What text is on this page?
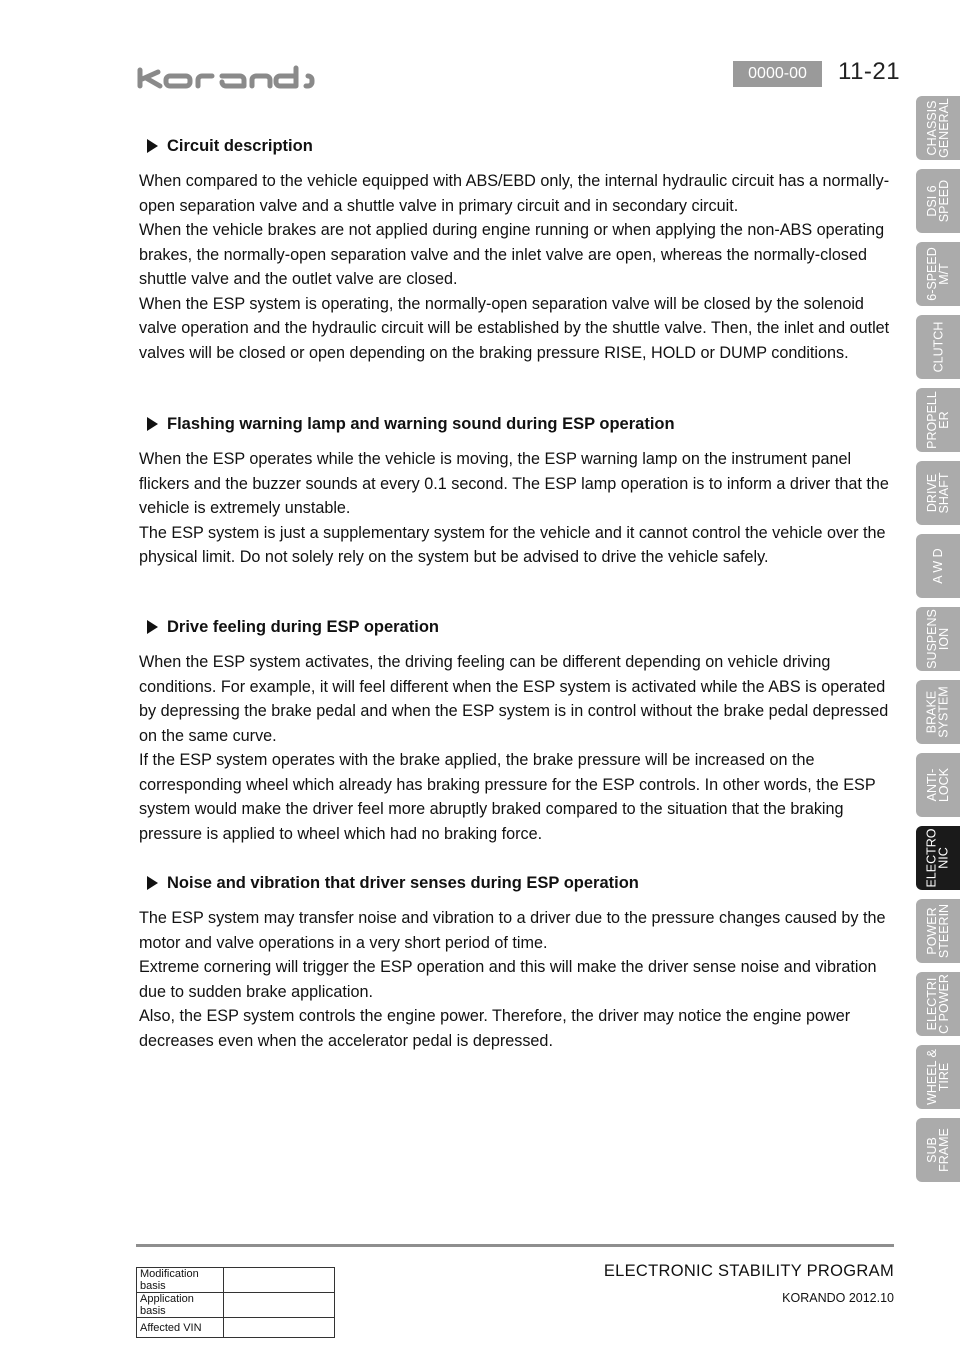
0000-00	11-21
Circuit description

When compared to the vehicle equipped with ABS/EBD only, the internal hydraulic circuit has a normally-open separation valve and a shuttle valve in primary circuit and in secondary circuit.

When the vehicle brakes are not applied during engine running or when applying the non-ABS operating brakes, the normally-open separation valve and the inlet valve are open, whereas the normally-closed shuttle valve and the outlet valve are closed.

When the ESP system is operating, the normally-open separation valve will be closed by the solenoid valve operation and the hydraulic circuit will be established by the shuttle valve. Then, the inlet and outlet valves will be closed or open depending on the braking pressure RISE, HOLD or DUMP conditions.

Flashing warning lamp and warning sound during ESP operation

When the ESP operates while the vehicle is moving, the ESP warning lamp on the instrument panel flickers and the buzzer sounds at every 0.1 second. The ESP lamp operation is to inform a driver that the vehicle is extremely unstable.

The ESP system is just a supplementary system for the vehicle and it cannot control the vehicle over the physical limit. Do not solely rely on the system but be advised to drive the vehicle safely.

Drive feeling during ESP operation

When the ESP system activates, the driving feeling can be different depending on vehicle driving conditions. For example, it will feel different when the ESP system is activated while the ABS is operated by depressing the brake pedal and when the ESP system is in control without the brake pedal depressed on the same curve.

If the ESP system operates with the brake applied, the brake pressure will be increased on the corresponding wheel which already has braking pressure for the ESP controls. In other words, the ESP system would make the driver feel more abruptly braked compared to the situation that the braking pressure is applied to wheel which had no braking force.

Noise and vibration that driver senses during ESP operation

The ESP system may transfer noise and vibration to a driver due to the pressure changes caused by the motor and valve operations in a very short period of time.

Extreme cornering will trigger the ESP operation and this will make the driver sense noise and vibration due to sudden brake application.

Also, the ESP system controls the engine power. Therefore, the driver may notice the engine power decreases even when the accelerator pedal is depressed.

CHASSIS
GENERAL
DSI 6
SPEED
6-SPEED
M/T
CLUTCH
PROPELL
ER
DRIVE
SHAFT
A W D
SUSPENS
ION
BRAKE
SYSTEM
ANTI-
LOCK
ELECTRO
NIC
POWER
STEERIN
ELECTRI
C POWER
WHEEL &
TIRE
SUB
FRAME
Modification basis	
Application basis	
Affected VIN	
ELECTRONIC STABILITY PROGRAM
KORANDO 2012.10
